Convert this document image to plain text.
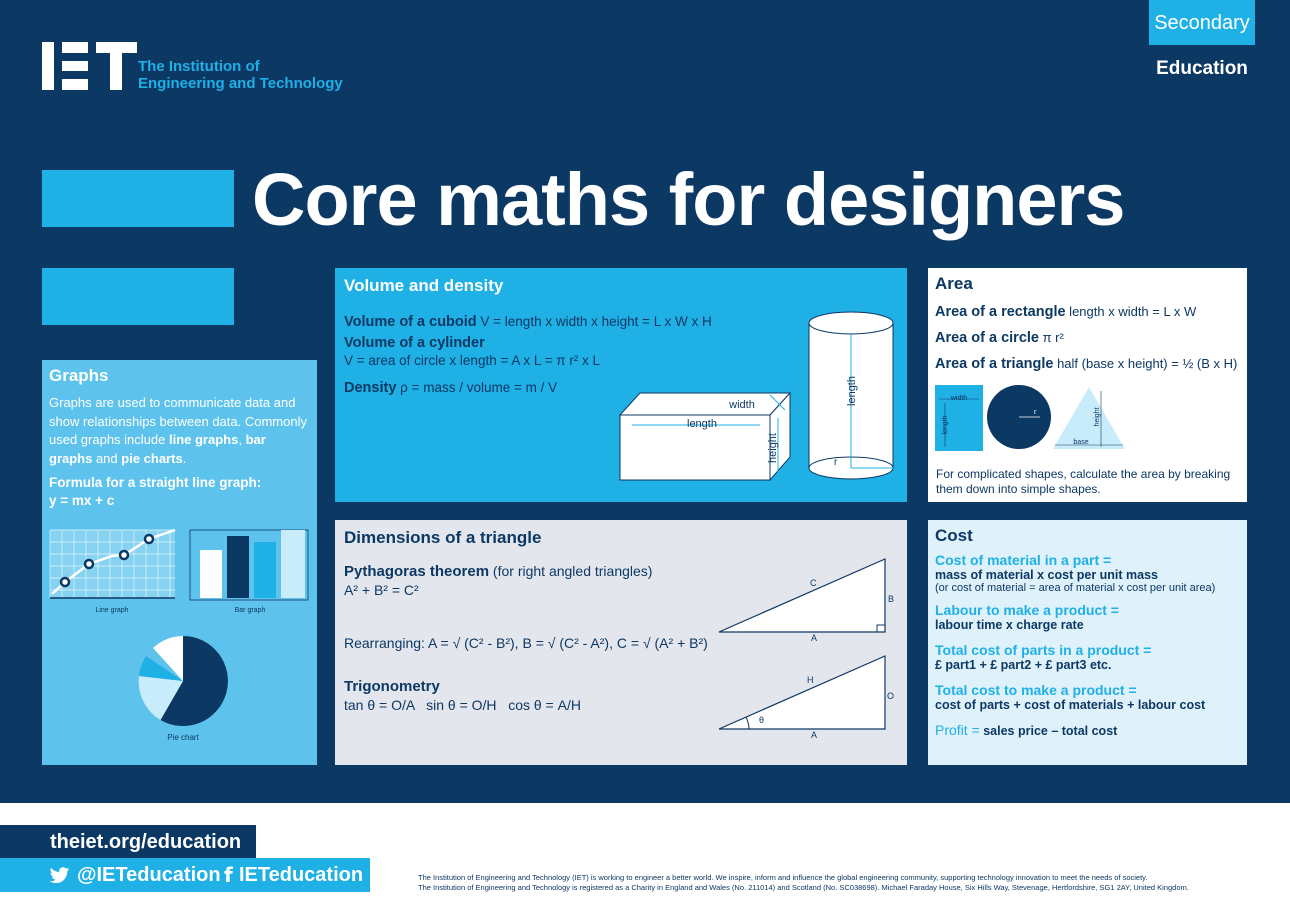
The Institution of
Engineering and Technology
Secondary
Education
Core maths for designers
Graphs
Graphs are used to communicate data and show relationships between data. Commonly used graphs include line graphs, bar graphs and pie charts.
Formula for a straight line graph:
y = mx + c
Line graph	Bar graph
Pie chart
Volume and density
Volume of a cuboid V = length x width x height = L x W x H
Volume of a cylinder
V = area of circle x length = A x L = π r² x L
Density ρ = mass / volume = m / V
length
width
height
length
r
Area
Area of a rectangle length x width = L x W
Area of a circle π r²
Area of a triangle half (base x height) = ½ (B x H)
width
length
r
base
height
For complicated shapes, calculate the area by breaking them down into simple shapes.
Dimensions of a triangle
Pythagoras theorem (for right angled triangles)
A² + B² = C²
Rearranging: A = √ (C² - B²), B = √ (C² - A²), C = √ (A² + B²)
Trigonometry
tan θ = O/A   sin θ = O/H   cos θ = A/H
C
B
A
θ
H
O
A
Cost
Cost of material in a part =
mass of material x cost per unit mass
(or cost of material = area of material x cost per unit area)
Labour to make a product =
labour time x charge rate
Total cost of parts in a product =
£ part1 + £ part2 + £ part3 etc.
Total cost to make a product =
cost of parts + cost of materials + labour cost
Profit = sales price – total cost
theiet.org/education
@IETeducation f IETeducation	The Institution of Engineering and Technology (IET) is working to engineer a better world. We inspire, inform and influence the global engineering community, supporting technology innovation to meet the needs of society.
The Institution of Engineering and Technology is registered as a Charity in England and Wales (No. 211014) and Scotland (No. SC038698). Michael Faraday House, Six Hills Way, Stevenage, Hertfordshire, SG1 2AY, United Kingdom.
